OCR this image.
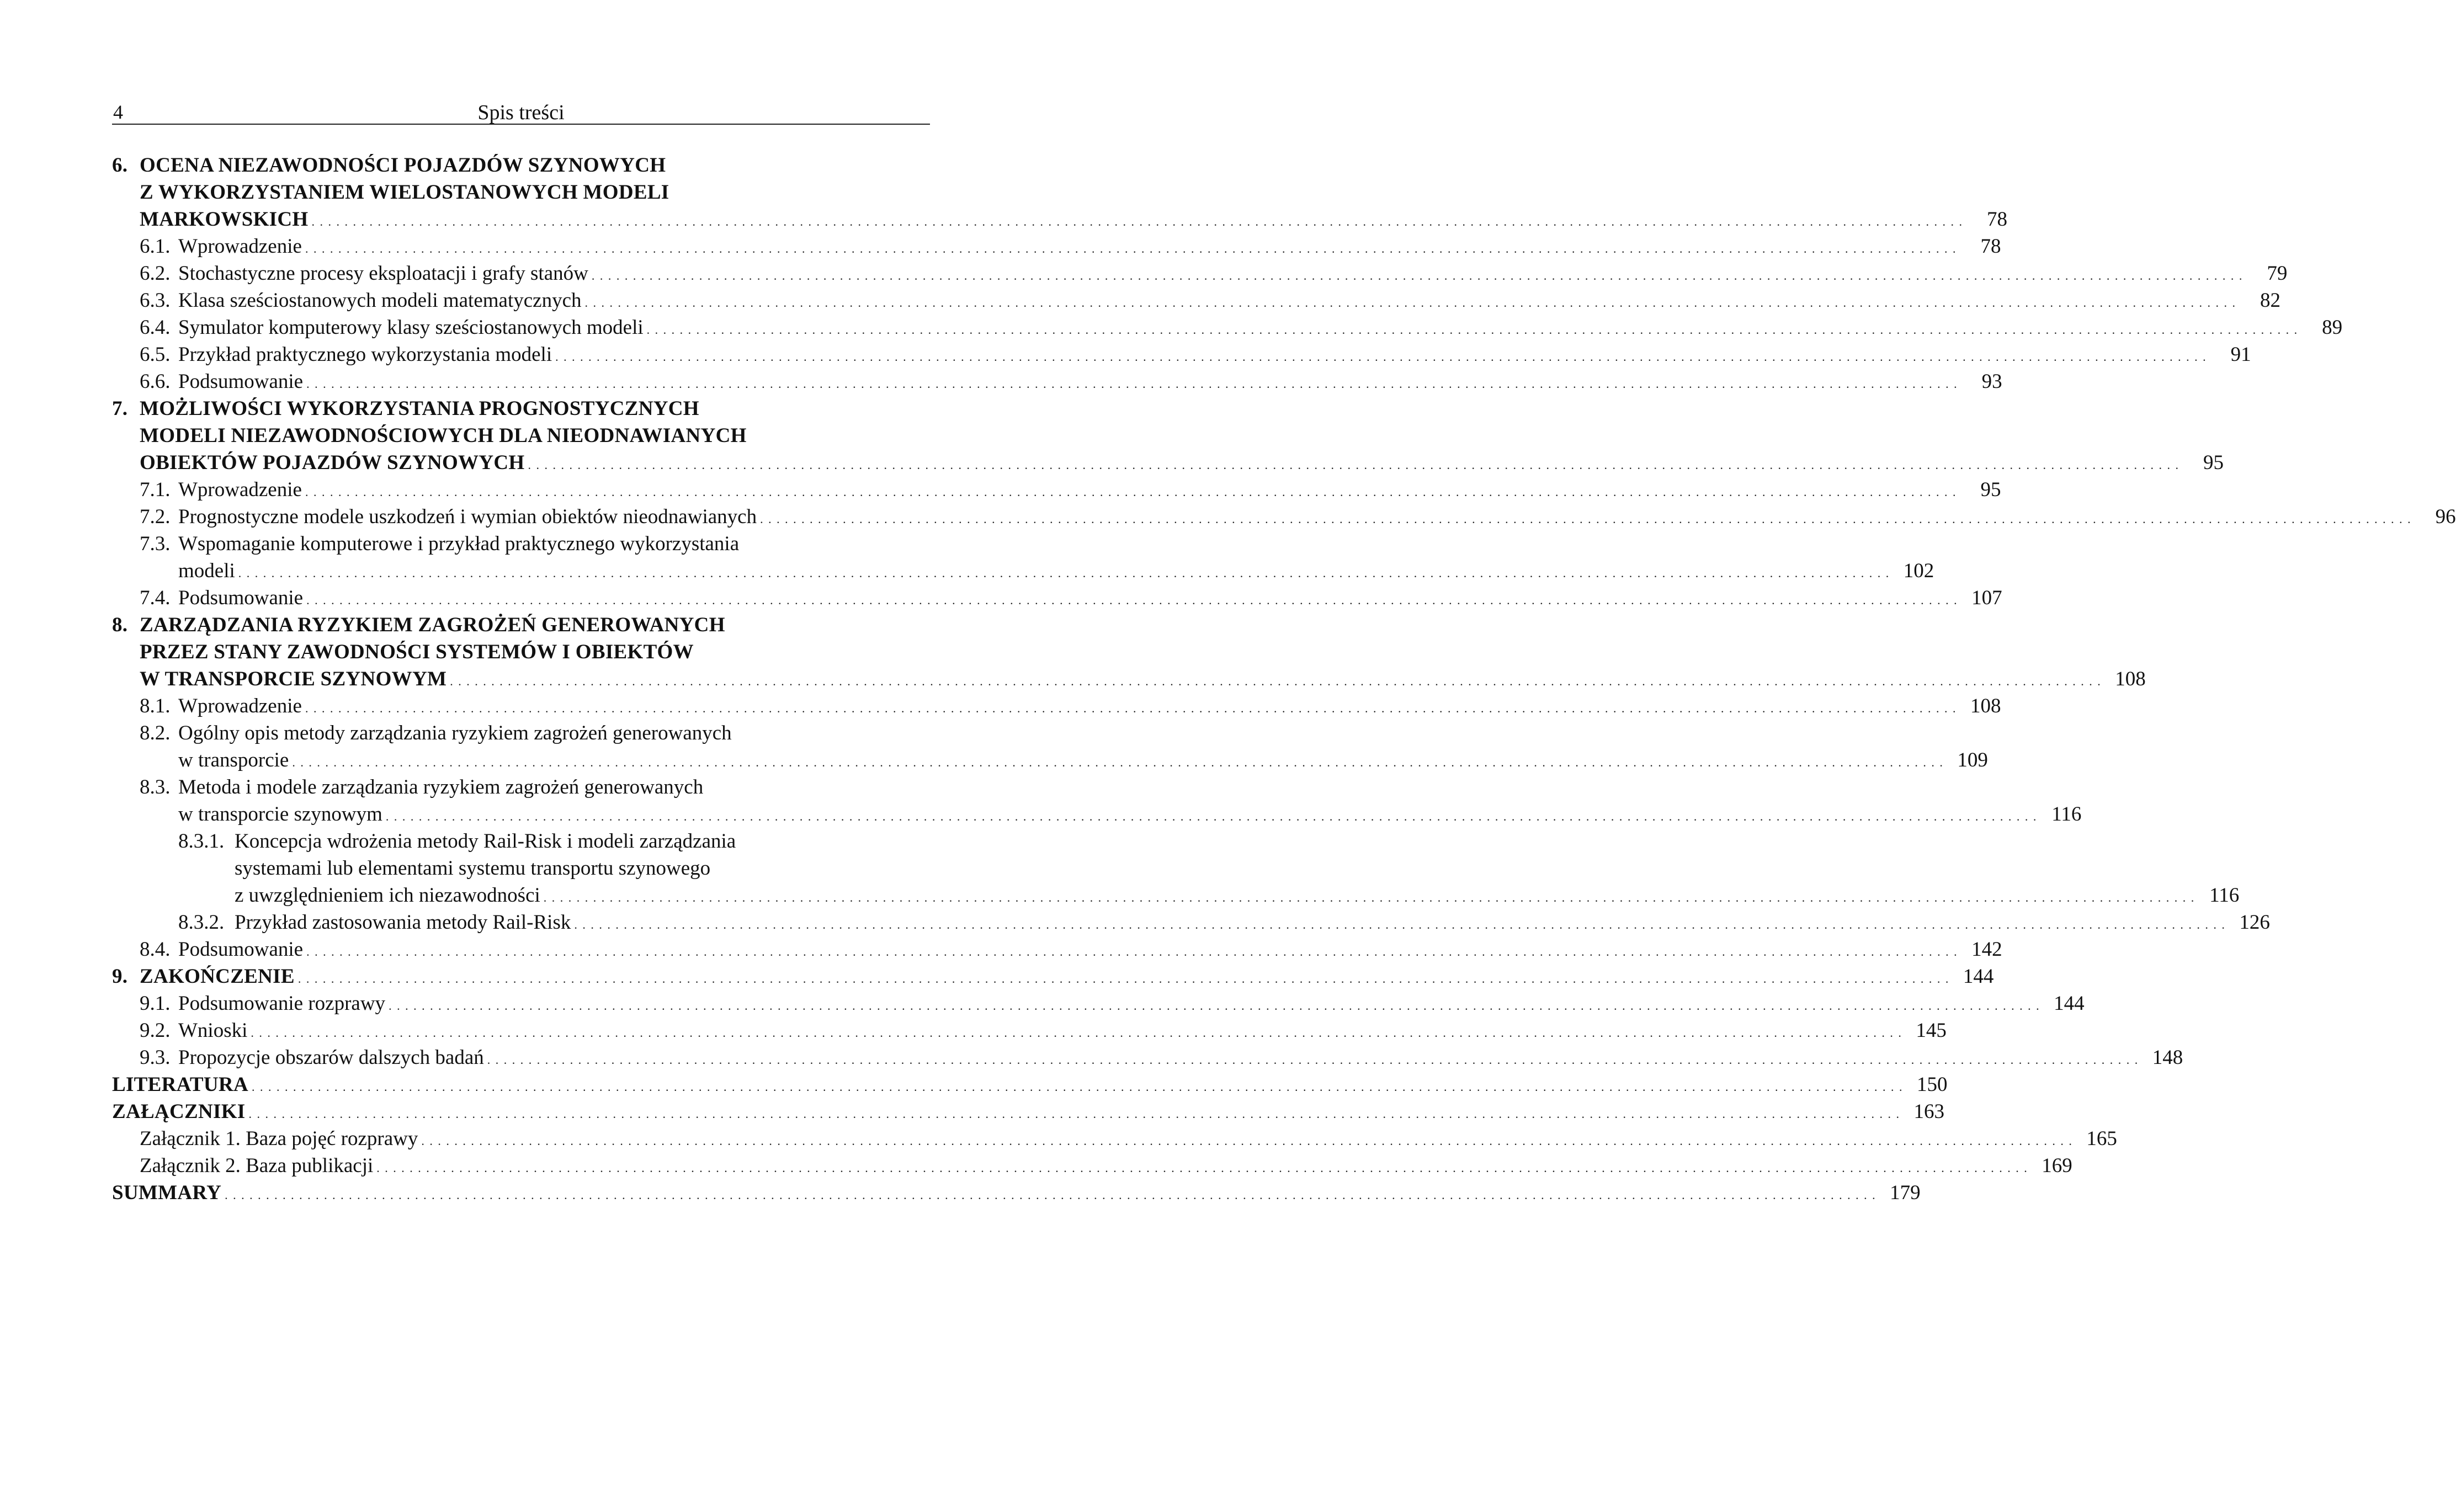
4	Spis treści
6. OCENA NIEZAWODNOŚCI POJAZDÓW SZYNOWYCH
Z WYKORZYSTANIEM WIELOSTANOWYCH MODELI
MARKOWSKICH . . . . . . . . . . . . . . . . . . . . . . . . . . . . . . . . . . . . . . . . . . . . . . . . . . . . . . . . . . . . . . . . . . . . . . . . . . . . . . . . . . . . . . . . . . . . . . . . . . . . . . . . . . . . . . . . . . . . . . . . . . . . . . . . . . . . . . . . . . . . . . . . . . . . . . . . . . . . . . . . . . . . . . . . . . . . . . . . . . . . . . . . . . . . . . . . . . . . . . . .	78
6.1. Wprowadzenie . . . . . . . . . . . . . . . . . . . . . . . . . . . . . . . . . . . . . . . . . . . . . . . . . . . . . . . . . . . . . . . . . . . . . . . . . . . . . . . . . . . . . . . . . . . . . . . . . . . . . . . . . . . . . . . . . . . . . . . . . . . . . . . . . . . . . . . . . . . . . . . . . . . . . . . . . . . . . . . . . . . . . . . . . . . . . . . . . . . . . . . . . . . . . . . . . . . . . . . .	78
6.2. Stochastyczne procesy eksploatacji i grafy stanów . . . . . . . . . . . . . . . . . . . . . . . . . . . . . . . . . . . . . . . . . . . . . . . . . . . . . . . . . . . . . . . . . . . . . . . . . . . . . . . . . . . . . . . . . . . . . . . . . . . . . . . . . . . . . . . . . . . . . . . . . . . . . . . . . . . . . . . . . . . . . . . . . . . . . . . . . . . . . . . . . . . . . . . . . . . . . . . . . . . . . . . . . . . . . . . . . . . . . . . .	79
6.3. Klasa sześciostanowych modeli matematycznych . . . . . . . . . . . . . . . . . . . . . . . . . . . . . . . . . . . . . . . . . . . . . . . . . . . . . . . . . . . . . . . . . . . . . . . . . . . . . . . . . . . . . . . . . . . . . . . . . . . . . . . . . . . . . . . . . . . . . . . . . . . . . . . . . . . . . . . . . . . . . . . . . . . . . . . . . . . . . . . . . . . . . . . . . . . . . . . . . . . . . . . . . . . . . . . . . . . . . . . .	82
6.4. Symulator komputerowy klasy sześciostanowych modeli . . . . . . . . . . . . . . . . . . . . . . . . . . . . . . . . . . . . . . . . . . . . . . . . . . . . . . . . . . . . . . . . . . . . . . . . . . . . . . . . . . . . . . . . . . . . . . . . . . . . . . . . . . . . . . . . . . . . . . . . . . . . . . . . . . . . . . . . . . . . . . . . . . . . . . . . . . . . . . . . . . . . . . . . . . . . . . . . . . . . . . . . . . . . . . . . . . . . . . . .	89
6.5. Przykład praktycznego wykorzystania modeli . . . . . . . . . . . . . . . . . . . . . . . . . . . . . . . . . . . . . . . . . . . . . . . . . . . . . . . . . . . . . . . . . . . . . . . . . . . . . . . . . . . . . . . . . . . . . . . . . . . . . . . . . . . . . . . . . . . . . . . . . . . . . . . . . . . . . . . . . . . . . . . . . . . . . . . . . . . . . . . . . . . . . . . . . . . . . . . . . . . . . . . . . . . . . . . . . . . . . . . .	91
6.6. Podsumowanie . . . . . . . . . . . . . . . . . . . . . . . . . . . . . . . . . . . . . . . . . . . . . . . . . . . . . . . . . . . . . . . . . . . . . . . . . . . . . . . . . . . . . . . . . . . . . . . . . . . . . . . . . . . . . . . . . . . . . . . . . . . . . . . . . . . . . . . . . . . . . . . . . . . . . . . . . . . . . . . . . . . . . . . . . . . . . . . . . . . . . . . . . . . . . . . . . . . . . . . .	93
7. MOŻLIWOŚCI WYKORZYSTANIA PROGNOSTYCZNYCH
MODELI NIEZAWODNOŚCIOWYCH DLA NIEODNAWIANYCH
OBIEKTÓW POJAZDÓW SZYNOWYCH . . . . . . . . . . . . . . . . . . . . . . . . . . . . . . . . . . . . . . . . . . . . . . . . . . . . . . . . . . . . . . . . . . . . . . . . . . . . . . . . . . . . . . . . . . . . . . . . . . . . . . . . . . . . . . . . . . . . . . . . . . . . . . . . . . . . . . . . . . . . . . . . . . . . . . . . . . . . . . . . . . . . . . . . . . . . . . . . . . . . . . . . . . . . . . . . . . . . . . . .	95
7.1. Wprowadzenie . . . . . . . . . . . . . . . . . . . . . . . . . . . . . . . . . . . . . . . . . . . . . . . . . . . . . . . . . . . . . . . . . . . . . . . . . . . . . . . . . . . . . . . . . . . . . . . . . . . . . . . . . . . . . . . . . . . . . . . . . . . . . . . . . . . . . . . . . . . . . . . . . . . . . . . . . . . . . . . . . . . . . . . . . . . . . . . . . . . . . . . . . . . . . . . . . . . . . . . .	95
7.2. Prognostyczne modele uszkodzeń i wymian obiektów nieodnawianych . . . . . . . . . . . . . . . . . . . . . . . . . . . . . . . . . . . . . . . . . . . . . . . . . . . . . . . . . . . . . . . . . . . . . . . . . . . . . . . . . . . . . . . . . . . . . . . . . . . . . . . . . . . . . . . . . . . . . . . . . . . . . . . . . . . . . . . . . . . . . . . . . . . . . . . . . . . . . . . . . . . . . . . . . . . . . . . . . . . . . . . . . . . . . . . . . . . . . . . .	96
7.3. Wspomaganie komputerowe i przykład praktycznego wykorzystania
modeli . . . . . . . . . . . . . . . . . . . . . . . . . . . . . . . . . . . . . . . . . . . . . . . . . . . . . . . . . . . . . . . . . . . . . . . . . . . . . . . . . . . . . . . . . . . . . . . . . . . . . . . . . . . . . . . . . . . . . . . . . . . . . . . . . . . . . . . . . . . . . . . . . . . . . . . . . . . . . . . . . . . . . . . . . . . . . . . . . . . . . . . . . . . . . . . . . . . . . . . . 102
7.4. Podsumowanie . . . . . . . . . . . . . . . . . . . . . . . . . . . . . . . . . . . . . . . . . . . . . . . . . . . . . . . . . . . . . . . . . . . . . . . . . . . . . . . . . . . . . . . . . . . . . . . . . . . . . . . . . . . . . . . . . . . . . . . . . . . . . . . . . . . . . . . . . . . . . . . . . . . . . . . . . . . . . . . . . . . . . . . . . . . . . . . . . . . . . . . . . . . . . . . . . . . . . . . . 107
8. ZARZĄDZANIA RYZYKIEM ZAGROŻEŃ GENEROWANYCH
PRZEZ STANY ZAWODNOŚCI SYSTEMÓW I OBIEKTÓW
W TRANSPORCIE SZYNOWYM . . . . . . . . . . . . . . . . . . . . . . . . . . . . . . . . . . . . . . . . . . . . . . . . . . . . . . . . . . . . . . . . . . . . . . . . . . . . . . . . . . . . . . . . . . . . . . . . . . . . . . . . . . . . . . . . . . . . . . . . . . . . . . . . . . . . . . . . . . . . . . . . . . . . . . . . . . . . . . . . . . . . . . . . . . . . . . . . . . . . . . . . . . . . . . . . . . . . . . . . 108
8.1. Wprowadzenie . . . . . . . . . . . . . . . . . . . . . . . . . . . . . . . . . . . . . . . . . . . . . . . . . . . . . . . . . . . . . . . . . . . . . . . . . . . . . . . . . . . . . . . . . . . . . . . . . . . . . . . . . . . . . . . . . . . . . . . . . . . . . . . . . . . . . . . . . . . . . . . . . . . . . . . . . . . . . . . . . . . . . . . . . . . . . . . . . . . . . . . . . . . . . . . . . . . . . . . . 108
8.2. Ogólny opis metody zarządzania ryzykiem zagrożeń generowanych
w transporcie . . . . . . . . . . . . . . . . . . . . . . . . . . . . . . . . . . . . . . . . . . . . . . . . . . . . . . . . . . . . . . . . . . . . . . . . . . . . . . . . . . . . . . . . . . . . . . . . . . . . . . . . . . . . . . . . . . . . . . . . . . . . . . . . . . . . . . . . . . . . . . . . . . . . . . . . . . . . . . . . . . . . . . . . . . . . . . . . . . . . . . . . . . . . . . . . . . . . . . . . 109
8.3. Metoda i modele zarządzania ryzykiem zagrożeń generowanych
w transporcie szynowym . . . . . . . . . . . . . . . . . . . . . . . . . . . . . . . . . . . . . . . . . . . . . . . . . . . . . . . . . . . . . . . . . . . . . . . . . . . . . . . . . . . . . . . . . . . . . . . . . . . . . . . . . . . . . . . . . . . . . . . . . . . . . . . . . . . . . . . . . . . . . . . . . . . . . . . . . . . . . . . . . . . . . . . . . . . . . . . . . . . . . . . . . . . . . . . . . . . . . . . . 116
8.3.1. Koncepcja wdrożenia metody Rail-Risk i modeli zarządzania
systemami lub elementami systemu transportu szynowego
z uwzględnieniem ich niezawodności . . . . . . . . . . . . . . . . . . . . . . . . . . . . . . . . . . . . . . . . . . . . . . . . . . . . . . . . . . . . . . . . . . . . . . . . . . . . . . . . . . . . . . . . . . . . . . . . . . . . . . . . . . . . . . . . . . . . . . . . . . . . . . . . . . . . . . . . . . . . . . . . . . . . . . . . . . . . . . . . . . . . . . . . . . . . . . . . . . . . . . . . . . . . . . . . . . . . . . . . 116
8.3.2. Przykład zastosowania metody Rail-Risk . . . . . . . . . . . . . . . . . . . . . . . . . . . . . . . . . . . . . . . . . . . . . . . . . . . . . . . . . . . . . . . . . . . . . . . . . . . . . . . . . . . . . . . . . . . . . . . . . . . . . . . . . . . . . . . . . . . . . . . . . . . . . . . . . . . . . . . . . . . . . . . . . . . . . . . . . . . . . . . . . . . . . . . . . . . . . . . . . . . . . . . . . . . . . . . . . . . . . . . . 126
8.4. Podsumowanie . . . . . . . . . . . . . . . . . . . . . . . . . . . . . . . . . . . . . . . . . . . . . . . . . . . . . . . . . . . . . . . . . . . . . . . . . . . . . . . . . . . . . . . . . . . . . . . . . . . . . . . . . . . . . . . . . . . . . . . . . . . . . . . . . . . . . . . . . . . . . . . . . . . . . . . . . . . . . . . . . . . . . . . . . . . . . . . . . . . . . . . . . . . . . . . . . . . . . . . . 142
9. ZAKOŃCZENIE . . . . . . . . . . . . . . . . . . . . . . . . . . . . . . . . . . . . . . . . . . . . . . . . . . . . . . . . . . . . . . . . . . . . . . . . . . . . . . . . . . . . . . . . . . . . . . . . . . . . . . . . . . . . . . . . . . . . . . . . . . . . . . . . . . . . . . . . . . . . . . . . . . . . . . . . . . . . . . . . . . . . . . . . . . . . . . . . . . . . . . . . . . . . . . . . . . . . . . . . 144
9.1. Podsumowanie rozprawy . . . . . . . . . . . . . . . . . . . . . . . . . . . . . . . . . . . . . . . . . . . . . . . . . . . . . . . . . . . . . . . . . . . . . . . . . . . . . . . . . . . . . . . . . . . . . . . . . . . . . . . . . . . . . . . . . . . . . . . . . . . . . . . . . . . . . . . . . . . . . . . . . . . . . . . . . . . . . . . . . . . . . . . . . . . . . . . . . . . . . . . . . . . . . . . . . . . . . . . . 144
9.2. Wnioski . . . . . . . . . . . . . . . . . . . . . . . . . . . . . . . . . . . . . . . . . . . . . . . . . . . . . . . . . . . . . . . . . . . . . . . . . . . . . . . . . . . . . . . . . . . . . . . . . . . . . . . . . . . . . . . . . . . . . . . . . . . . . . . . . . . . . . . . . . . . . . . . . . . . . . . . . . . . . . . . . . . . . . . . . . . . . . . . . . . . . . . . . . . . . . . . . . . . . . . . 145
9.3. Propozycje obszarów dalszych badań . . . . . . . . . . . . . . . . . . . . . . . . . . . . . . . . . . . . . . . . . . . . . . . . . . . . . . . . . . . . . . . . . . . . . . . . . . . . . . . . . . . . . . . . . . . . . . . . . . . . . . . . . . . . . . . . . . . . . . . . . . . . . . . . . . . . . . . . . . . . . . . . . . . . . . . . . . . . . . . . . . . . . . . . . . . . . . . . . . . . . . . . . . . . . . . . . . . . . . . . 148
LITERATURA . . . . . . . . . . . . . . . . . . . . . . . . . . . . . . . . . . . . . . . . . . . . . . . . . . . . . . . . . . . . . . . . . . . . . . . . . . . . . . . . . . . . . . . . . . . . . . . . . . . . . . . . . . . . . . . . . . . . . . . . . . . . . . . . . . . . . . . . . . . . . . . . . . . . . . . . . . . . . . . . . . . . . . . . . . . . . . . . . . . . . . . . . . . . . . . . . . . . . . . . 150
ZAŁĄCZNIKI . . . . . . . . . . . . . . . . . . . . . . . . . . . . . . . . . . . . . . . . . . . . . . . . . . . . . . . . . . . . . . . . . . . . . . . . . . . . . . . . . . . . . . . . . . . . . . . . . . . . . . . . . . . . . . . . . . . . . . . . . . . . . . . . . . . . . . . . . . . . . . . . . . . . . . . . . . . . . . . . . . . . . . . . . . . . . . . . . . . . . . . . . . . . . . . . . . . . . . . . 163
Załącznik 1. Baza pojęć rozprawy . . . . . . . . . . . . . . . . . . . . . . . . . . . . . . . . . . . . . . . . . . . . . . . . . . . . . . . . . . . . . . . . . . . . . . . . . . . . . . . . . . . . . . . . . . . . . . . . . . . . . . . . . . . . . . . . . . . . . . . . . . . . . . . . . . . . . . . . . . . . . . . . . . . . . . . . . . . . . . . . . . . . . . . . . . . . . . . . . . . . . . . . . . . . . . . . . . . . . . . . 165
Załącznik 2. Baza publikacji . . . . . . . . . . . . . . . . . . . . . . . . . . . . . . . . . . . . . . . . . . . . . . . . . . . . . . . . . . . . . . . . . . . . . . . . . . . . . . . . . . . . . . . . . . . . . . . . . . . . . . . . . . . . . . . . . . . . . . . . . . . . . . . . . . . . . . . . . . . . . . . . . . . . . . . . . . . . . . . . . . . . . . . . . . . . . . . . . . . . . . . . . . . . . . . . . . . . . . . . 169
SUMMARY . . . . . . . . . . . . . . . . . . . . . . . . . . . . . . . . . . . . . . . . . . . . . . . . . . . . . . . . . . . . . . . . . . . . . . . . . . . . . . . . . . . . . . . . . . . . . . . . . . . . . . . . . . . . . . . . . . . . . . . . . . . . . . . . . . . . . . . . . . . . . . . . . . . . . . . . . . . . . . . . . . . . . . . . . . . . . . . . . . . . . . . . . . . . . . . . . . . . . . . . 179
